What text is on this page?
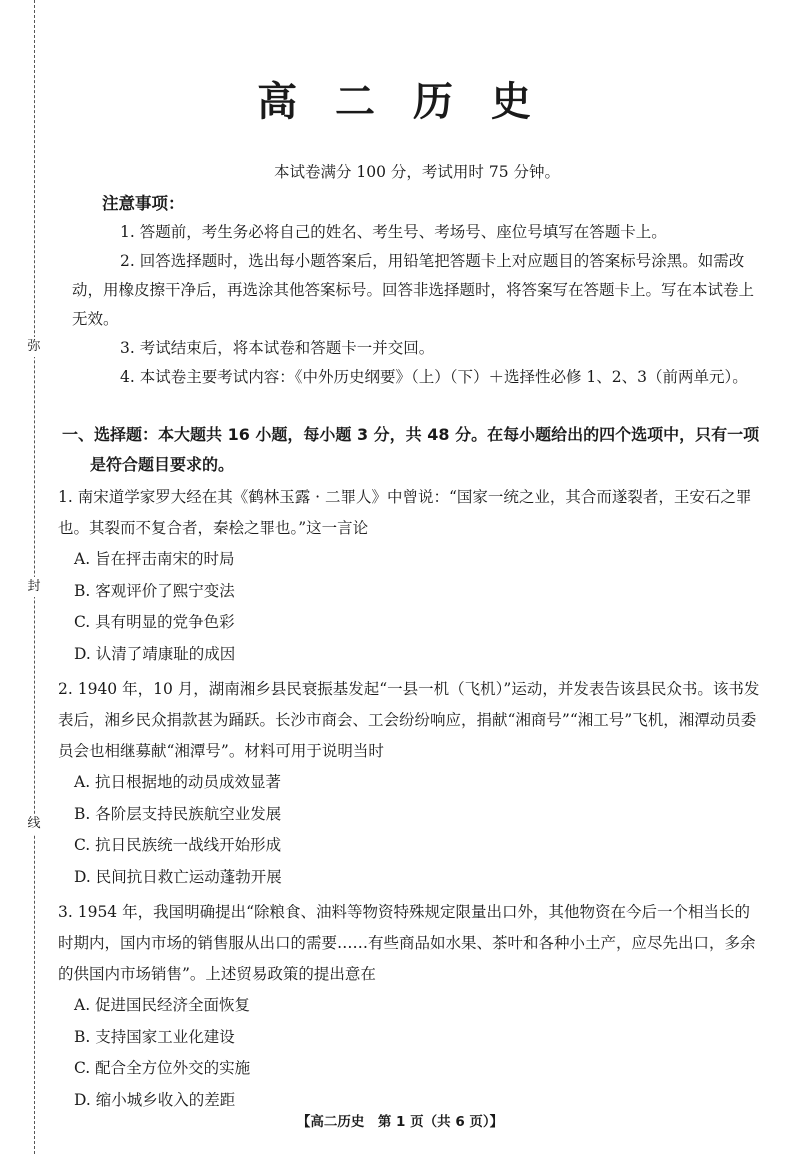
弥
封
线
高 二 历 史

本试卷满分 100 分，考试用时 75 分钟。

注意事项：

1. 答题前，考生务必将自己的姓名、考生号、考场号、座位号填写在答题卡上。

2. 回答选择题时，选出每小题答案后，用铅笔把答题卡上对应题目的答案标号涂黑。如需改动，用橡皮擦干净后，再选涂其他答案标号。回答非选择题时，将答案写在答题卡上。写在本试卷上无效。

3. 考试结束后，将本试卷和答题卡一并交回。

4. 本试卷主要考试内容：《中外历史纲要》（上）（下）＋选择性必修 1、2、3（前两单元）。

一、选择题：本大题共 16 小题，每小题 3 分，共 48 分。在每小题给出的四个选项中，只有一项是符合题目要求的。

1. 南宋道学家罗大经在其《鹤林玉露 · 二罪人》中曾说：“国家一统之业，其合而遂裂者，王安石之罪也。其裂而不复合者，秦桧之罪也。”这一言论

A. 旨在抨击南宋的时局
B. 客观评价了熙宁变法
C. 具有明显的党争色彩
D. 认清了靖康耻的成因

2. 1940 年，10 月，湖南湘乡县民衰振基发起“一县一机（飞机）”运动，并发表告该县民众书。该书发表后，湘乡民众捐款甚为踊跃。长沙市商会、工会纷纷响应，捐献“湘商号”“湘工号”飞机，湘潭动员委员会也相继募献“湘潭号”。材料可用于说明当时

A. 抗日根据地的动员成效显著
B. 各阶层支持民族航空业发展
C. 抗日民族统一战线开始形成
D. 民间抗日救亡运动蓬勃开展

3. 1954 年，我国明确提出“除粮食、油料等物资特殊规定限量出口外，其他物资在今后一个相当长的时期内，国内市场的销售服从出口的需要……有些商品如水果、茶叶和各种小土产，应尽先出口，多余的供国内市场销售”。上述贸易政策的提出意在

A. 促进国民经济全面恢复
B. 支持国家工业化建设
C. 配合全方位外交的实施
D. 缩小城乡收入的差距
【高二历史　第 1 页（共 6 页）】
